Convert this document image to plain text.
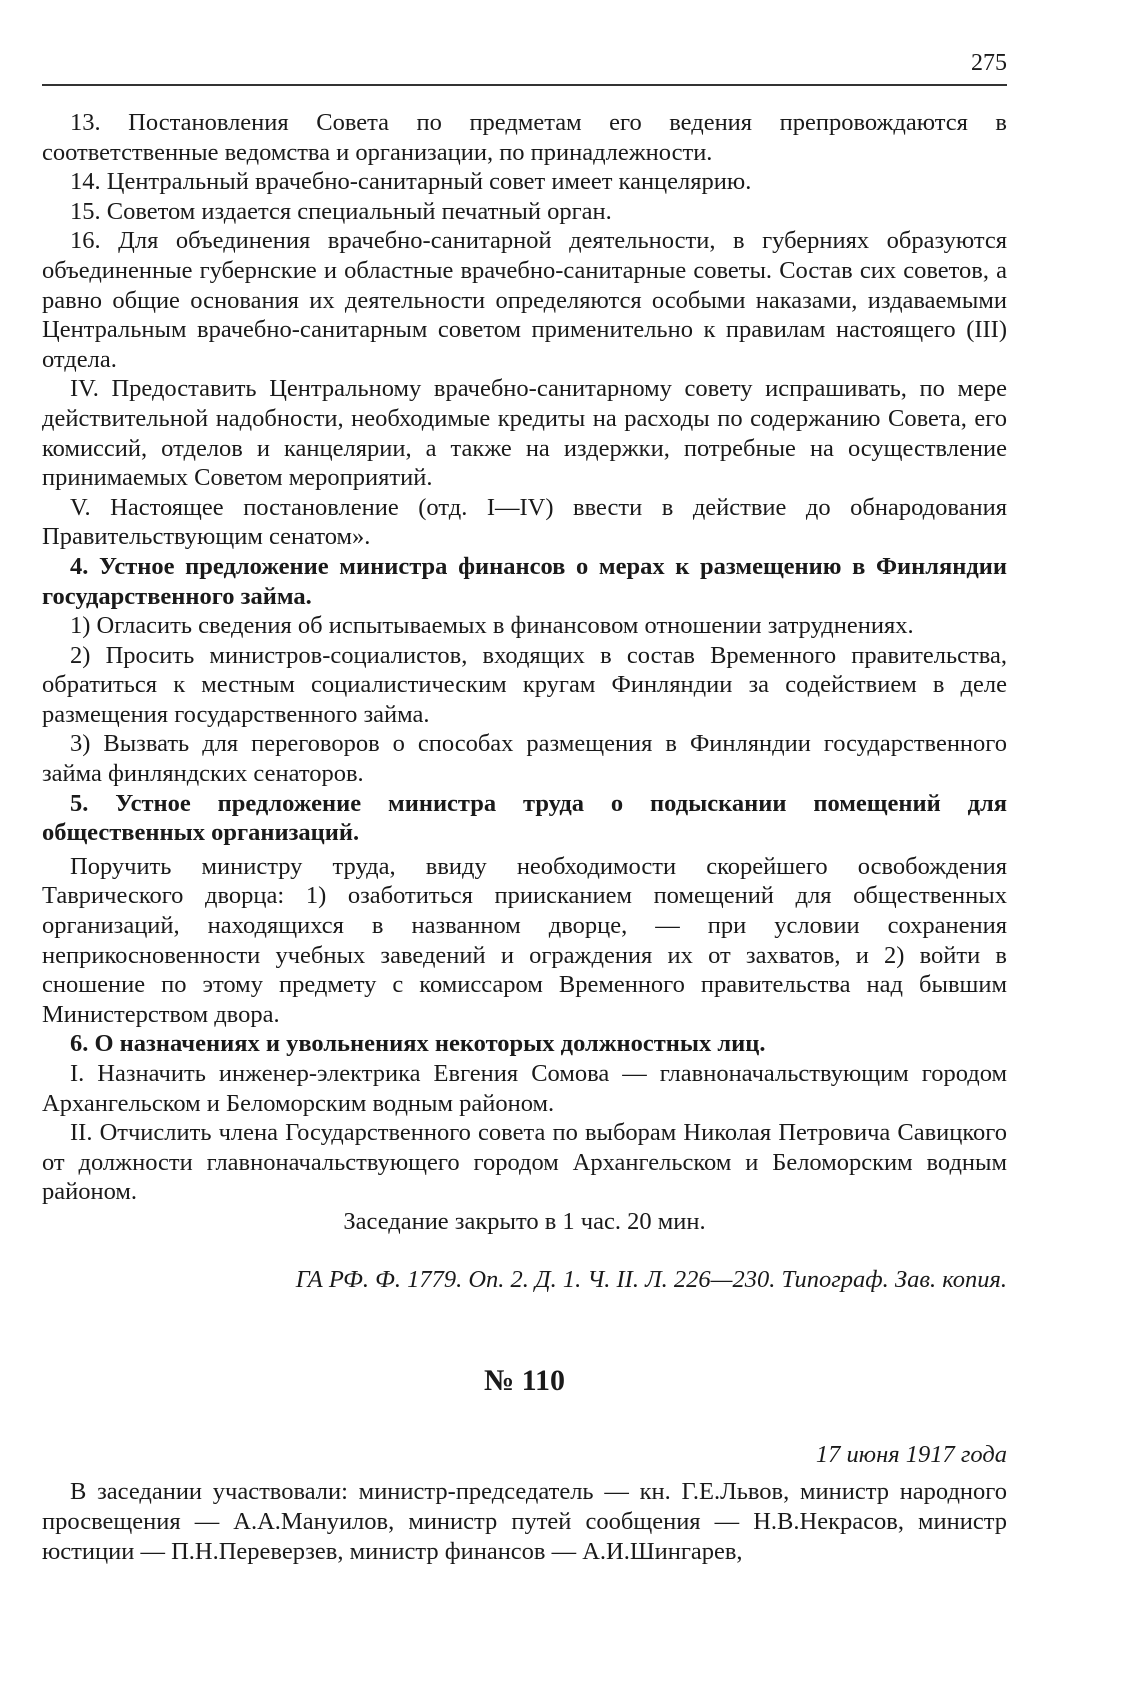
275

13. Постановления Совета по предметам его ведения препровождаются в соответственные ведомства и организации, по принадлежности.

14. Центральный врачебно-санитарный совет имеет канцелярию.

15. Советом издается специальный печатный орган.

16. Для объединения врачебно-санитарной деятельности, в губерниях образуются объединенные губернские и областные врачебно-санитарные советы. Состав сих советов, а равно общие основания их деятельности определяются особыми наказами, издаваемыми Центральным врачебно-санитарным советом применительно к правилам настоящего (III) отдела.

IV. Предоставить Центральному врачебно-санитарному совету испрашивать, по мере действительной надобности, необходимые кредиты на расходы по содержанию Совета, его комиссий, отделов и канцелярии, а также на издержки, потребные на осуществление принимаемых Советом мероприятий.

V. Настоящее постановление (отд. I—IV) ввести в действие до обнародования Правительствующим сенатом».

4. Устное предложение министра финансов о мерах к размещению в Финляндии государственного займа.

1) Огласить сведения об испытываемых в финансовом отношении затруднениях.

2) Просить министров-социалистов, входящих в состав Временного правительства, обратиться к местным социалистическим кругам Финляндии за содействием в деле размещения государственного займа.

3) Вызвать для переговоров о способах размещения в Финляндии государственного займа финляндских сенаторов.

5. Устное предложение министра труда о подыскании помещений для общественных организаций.

Поручить министру труда, ввиду необходимости скорейшего освобождения Таврического дворца: 1) озаботиться приисканием помещений для общественных организаций, находящихся в названном дворце, — при условии сохранения неприкосновенности учебных заведений и ограждения их от захватов, и 2) войти в сношение по этому предмету с комиссаром Временного правительства над бывшим Министерством двора.

6. О назначениях и увольнениях некоторых должностных лиц.

I. Назначить инженер-электрика Евгения Сомова — главноначальствующим городом Архангельском и Беломорским водным районом.

II. Отчислить члена Государственного совета по выборам Николая Петровича Савицкого от должности главноначальствующего городом Архангельском и Беломорским водным районом.

Заседание закрыто в 1 час. 20 мин.

ГА РФ. Ф. 1779. Оп. 2. Д. 1. Ч. II. Л. 226—230. Типограф. Зав. копия.

№ 110

17 июня 1917 года

В заседании участвовали: министр-председатель — кн. Г.Е.Львов, министр народного просвещения — А.А.Мануилов, министр путей сообщения — Н.В.Некрасов, министр юстиции — П.Н.Переверзев, министр финансов — А.И.Шингарев,
